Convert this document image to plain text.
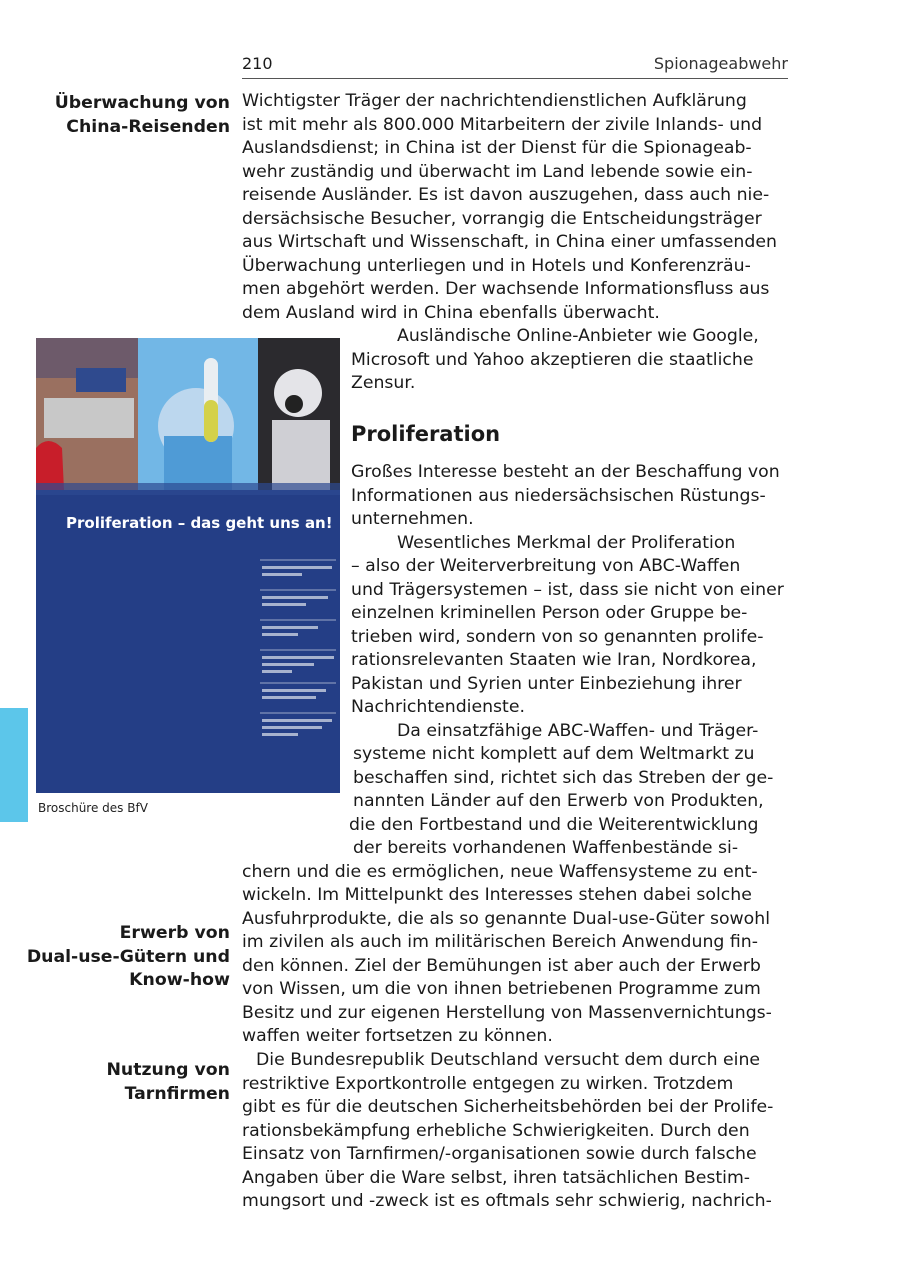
210	Spionageabwehr
Überwachung von
China-Reisenden
Erwerb von
Dual-use-Gütern und
Know-how
Nutzung von
Tarnfirmen
Wichtigster Träger der nachrichtendienstlichen Aufklärung
ist mit mehr als 800.000 Mitarbeitern der zivile Inlands- und
Auslandsdienst; in China ist der Dienst für die Spionageab-
wehr zuständig und überwacht im Land lebende sowie ein-
reisende Ausländer. Es ist davon auszugehen, dass auch nie-
dersächsische Besucher, vorrangig die Entscheidungsträger
aus Wirtschaft und Wissenschaft, in China einer umfassenden
Überwachung unterliegen und in Hotels und Konferenzräu-
men abgehört werden. Der wachsende Informationsfluss aus
dem Ausland wird in China ebenfalls überwacht.
Ausländische Online-Anbieter wie Google,
Microsoft und Yahoo akzeptieren die staatliche
Zensur.
Proliferation
Großes Interesse besteht an der Beschaffung von
Informationen aus niedersächsischen Rüstungs-
unternehmen.
Wesentliches Merkmal der Proliferation
– also der Weiterverbreitung von ABC-Waffen
und Trägersystemen – ist, dass sie nicht von einer
einzelnen kriminellen Person oder Gruppe be-
trieben wird, sondern von so genannten prolife-
rationsrelevanten Staaten wie Iran, Nordkorea,
Pakistan und Syrien unter Einbeziehung ihrer
Nachrichtendienste.
Da einsatzfähige ABC-Waffen- und Träger-
systeme nicht komplett auf dem Weltmarkt zu
beschaffen sind, richtet sich das Streben der ge-
nannten Länder auf den Erwerb von Produkten,
die den Fortbestand und die Weiterentwicklung
der bereits vorhandenen Waffenbestände si-
chern und die es ermöglichen, neue Waffensysteme zu ent-
wickeln. Im Mittelpunkt des Interesses stehen dabei solche
Ausfuhrprodukte, die als so genannte Dual-use-Güter sowohl
im zivilen als auch im militärischen Bereich Anwendung fin-
den können. Ziel der Bemühungen ist aber auch der Erwerb
von Wissen, um die von ihnen betriebenen Programme zum
Besitz und zur eigenen Herstellung von Massenvernichtungs-
waffen weiter fortsetzen zu können.
Die Bundesrepublik Deutschland versucht dem durch eine
restriktive Exportkontrolle entgegen zu wirken. Trotzdem
gibt es für die deutschen Sicherheitsbehörden bei der Prolife-
rationsbekämpfung erhebliche Schwierigkeiten. Durch den
Einsatz von Tarnfirmen/-organisationen sowie durch falsche
Angaben über die Ware selbst, ihren tatsächlichen Bestim-
mungsort und -zweck ist es oftmals sehr schwierig, nachrich-
Proliferation – das geht uns an!
Broschüre des BfV
